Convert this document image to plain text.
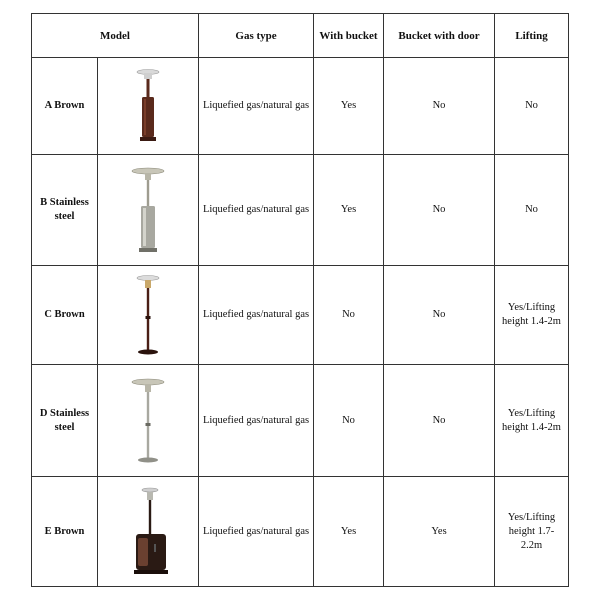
Model		Gas type	With bucket	Bucket with door	Lifting
A Brown		Liquefied gas/natural gas	Yes	No	No
B Stainless steel		Liquefied gas/natural gas	Yes	No	No
C Brown		Liquefied gas/natural gas	No	No	Yes/Lifting height 1.4-2m
D Stainless steel		Liquefied gas/natural gas	No	No	Yes/Lifting height 1.4-2m
E Brown		Liquefied gas/natural gas	Yes	Yes	Yes/Lifting height 1.7-2.2m
